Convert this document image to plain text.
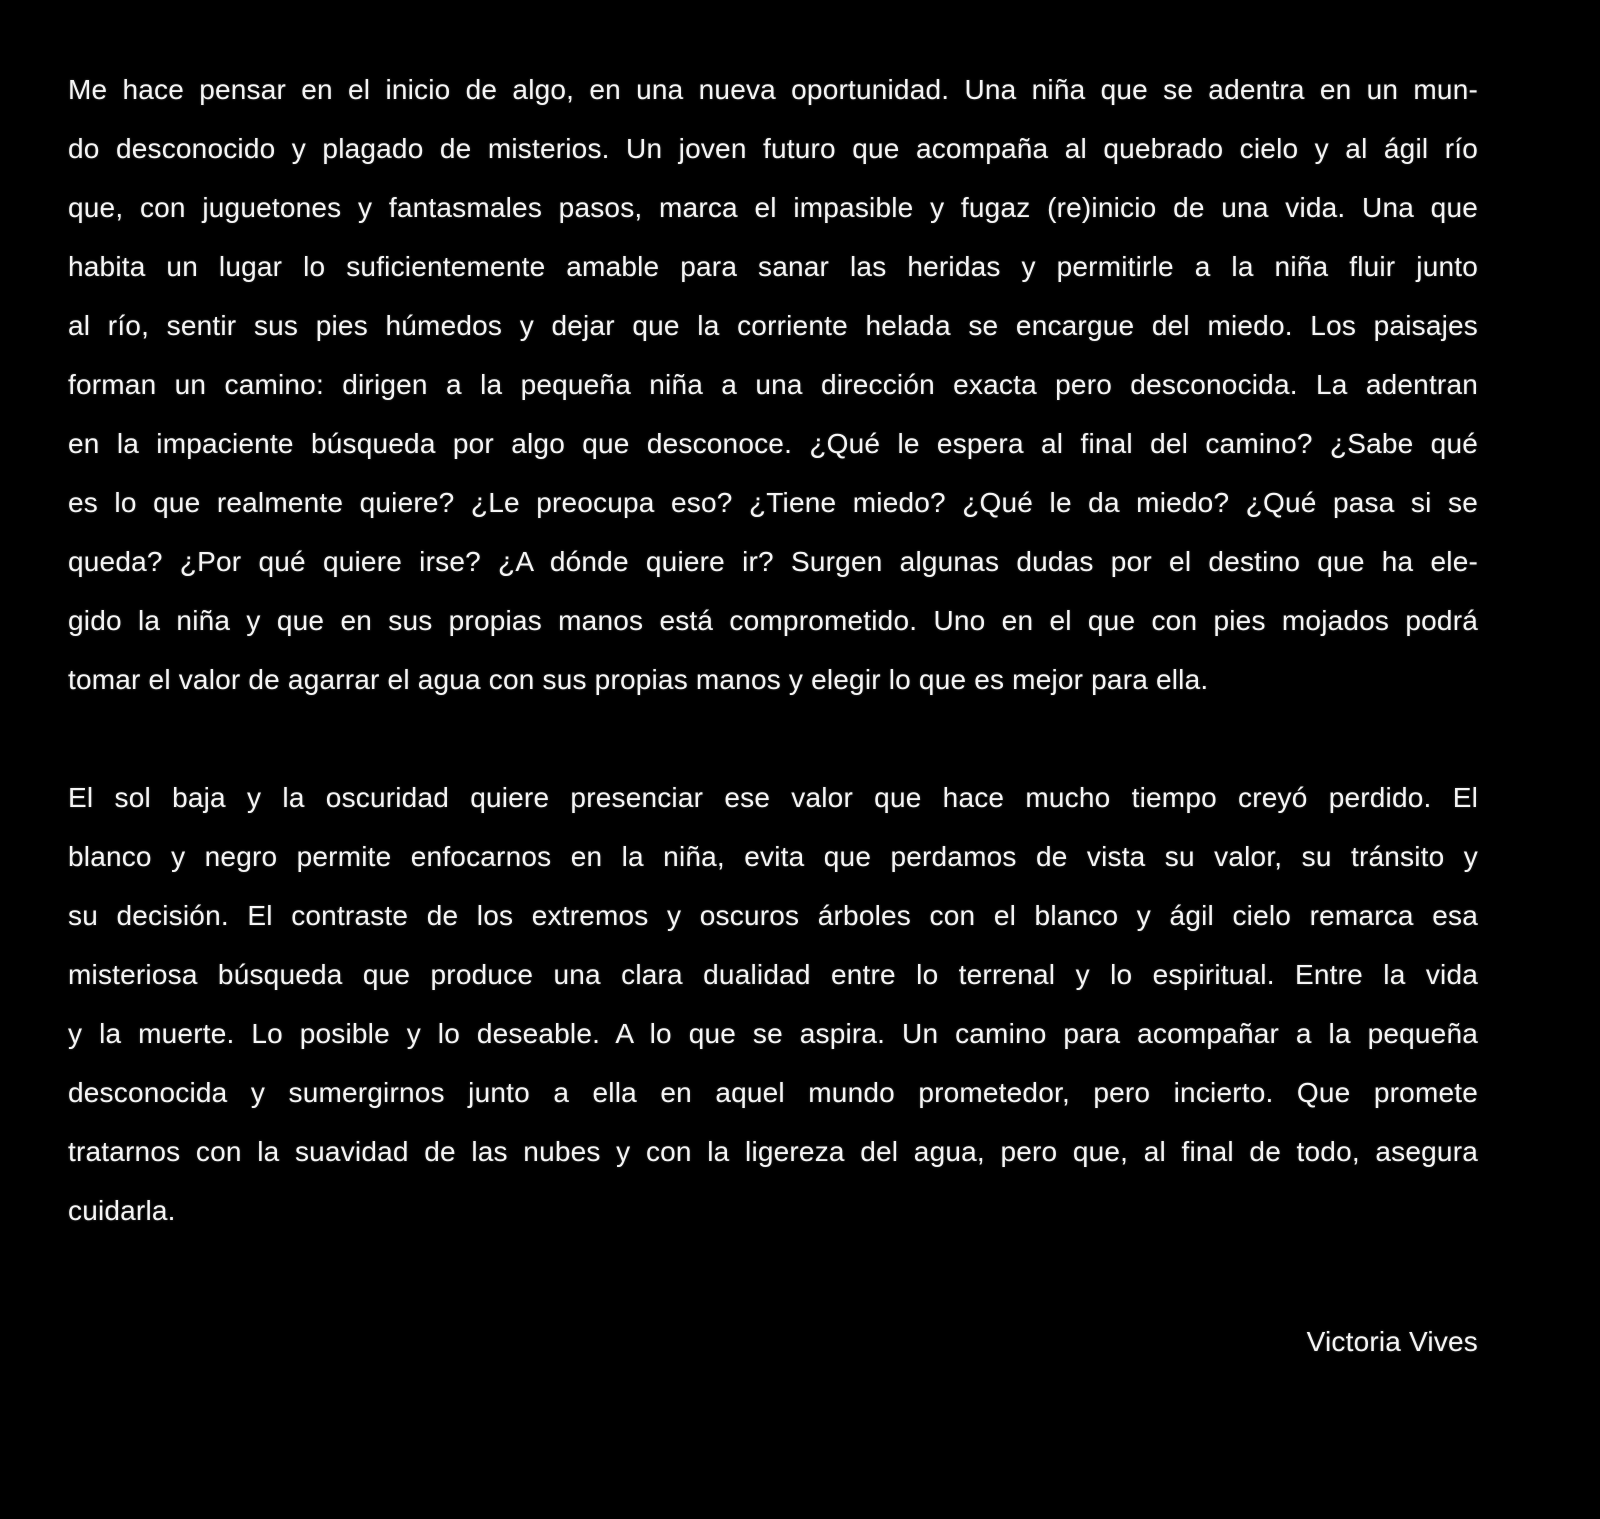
Me hace pensar en el inicio de algo, en una nueva oportunidad. Una niña que se adentra en un mun-
do desconocido y plagado de misterios. Un joven futuro que acompaña al quebrado cielo y al ágil río
que, con juguetones y fantasmales pasos, marca el impasible y fugaz (re)inicio de una vida. Una que
habita un lugar lo suficientemente amable para sanar las heridas y permitirle a la niña fluir junto
al río, sentir sus pies húmedos y dejar que la corriente helada se encargue del miedo. Los paisajes
forman un camino: dirigen a la pequeña niña a una dirección exacta pero desconocida. La adentran
en la impaciente búsqueda por algo que desconoce. ¿Qué le espera al final del camino? ¿Sabe qué
es lo que realmente quiere? ¿Le preocupa eso? ¿Tiene miedo? ¿Qué le da miedo? ¿Qué pasa si se
queda? ¿Por qué quiere irse? ¿A dónde quiere ir? Surgen algunas dudas por el destino que ha ele-
gido la niña y que en sus propias manos está comprometido. Uno en el que con pies mojados podrá
tomar el valor de agarrar el agua con sus propias manos y elegir lo que es mejor para ella.
El sol baja y la oscuridad quiere presenciar ese valor que hace mucho tiempo creyó perdido. El
blanco y negro permite enfocarnos en la niña, evita que perdamos de vista su valor, su tránsito y
su decisión. El contraste de los extremos y oscuros árboles con el blanco y ágil cielo remarca esa
misteriosa búsqueda que produce una clara dualidad entre lo terrenal y lo espiritual. Entre la vida
y la muerte. Lo posible y lo deseable. A lo que se aspira. Un camino para acompañar a la pequeña
desconocida y sumergirnos junto a ella en aquel mundo prometedor, pero incierto. Que promete
tratarnos con la suavidad de las nubes y con la ligereza del agua, pero que, al final de todo, asegura
cuidarla.
Victoria Vives
